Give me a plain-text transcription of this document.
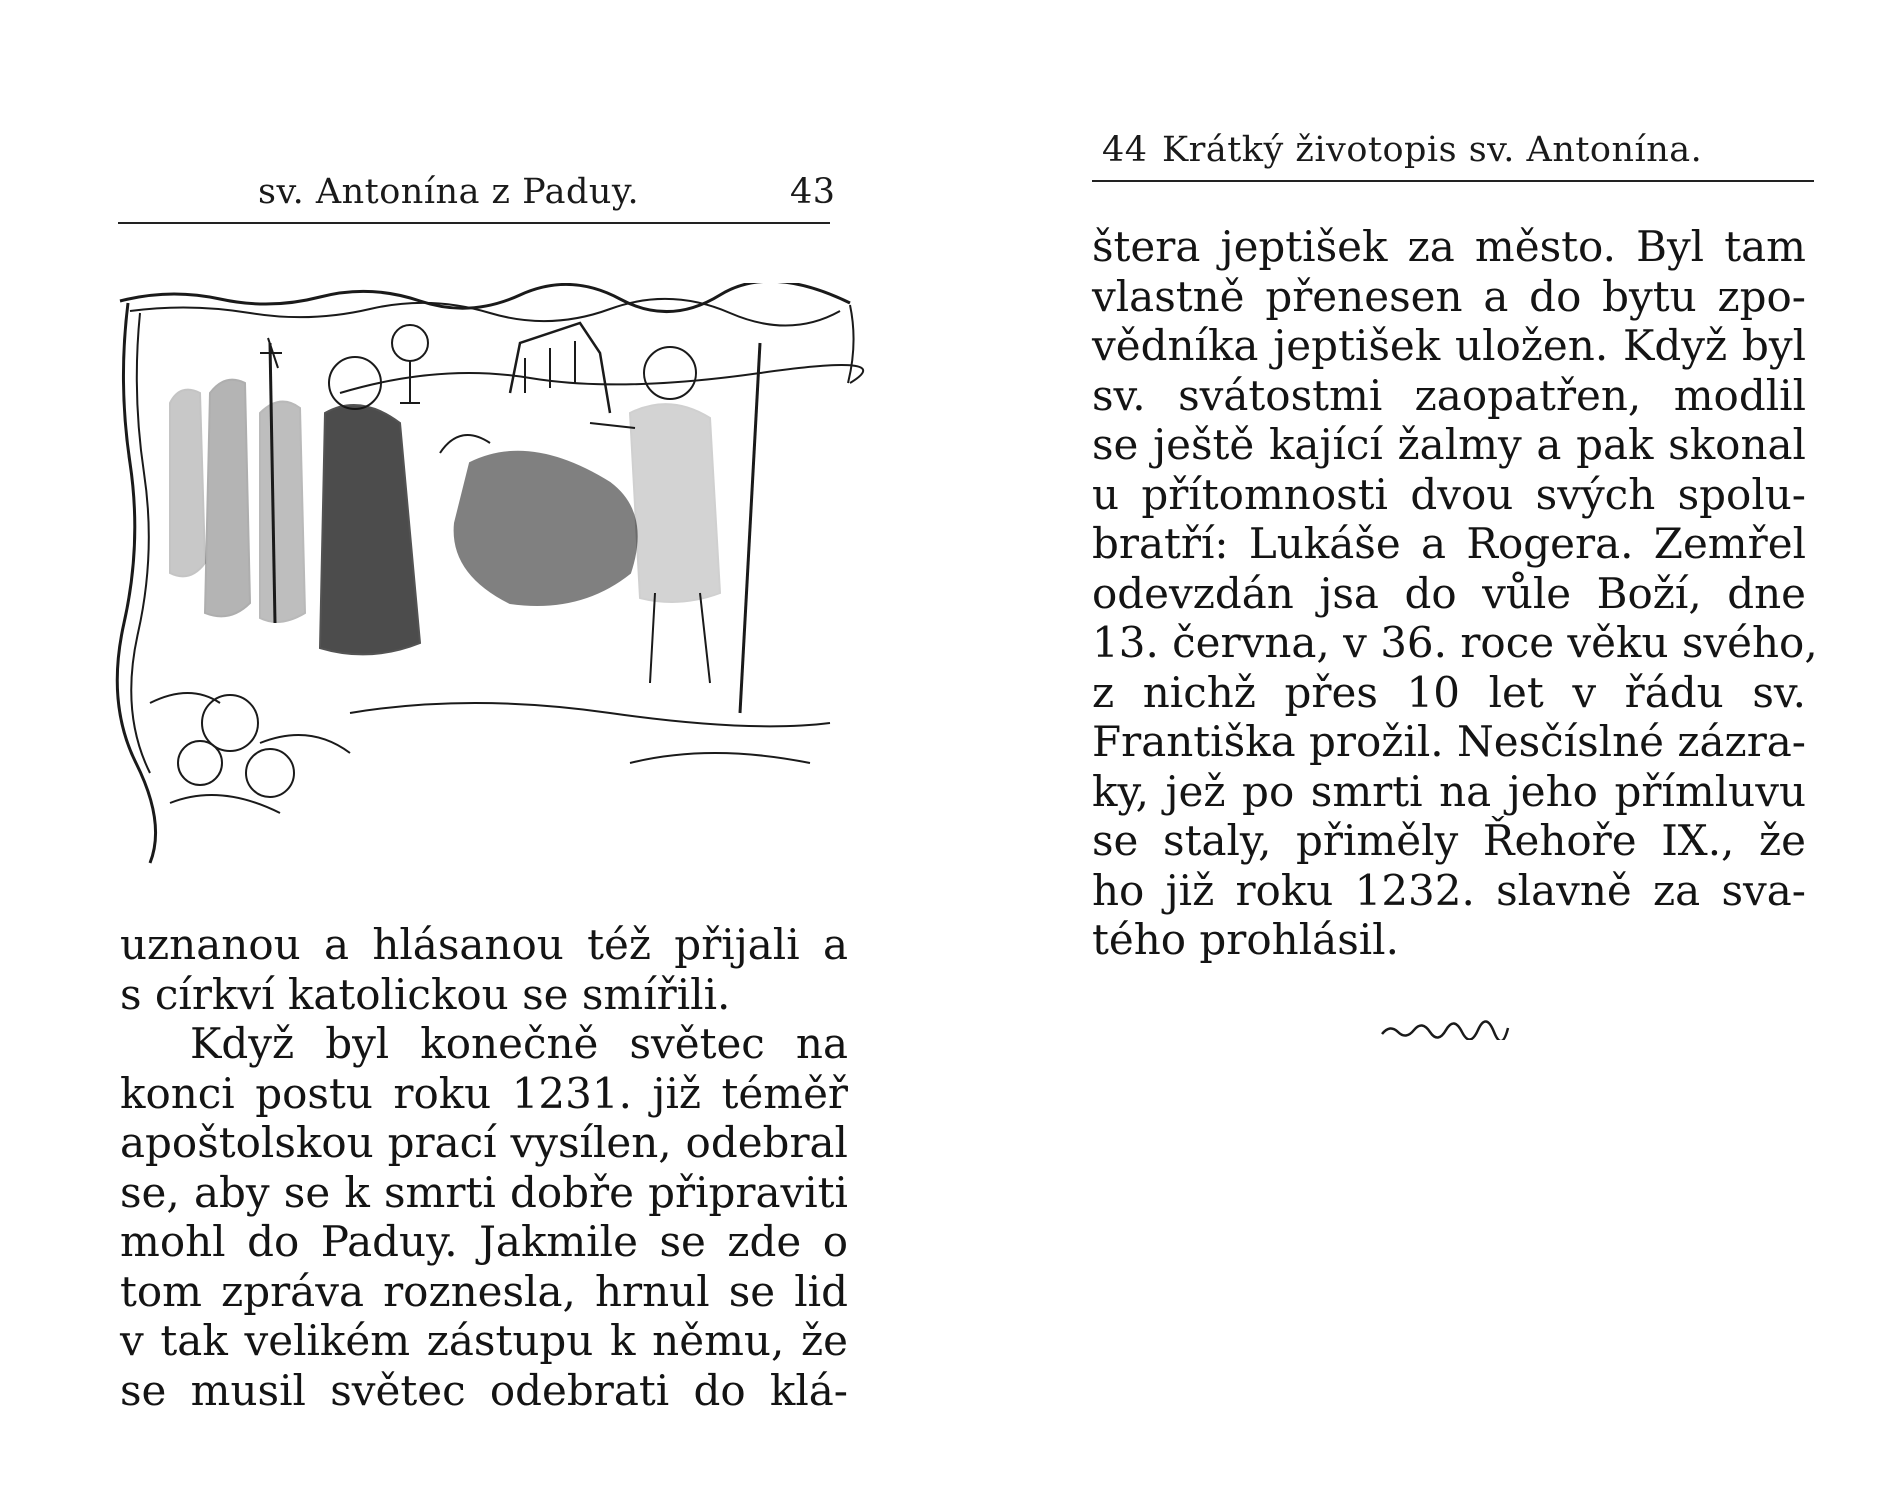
sv. Antonína z Paduy.	43
uznanou a hlásanou též přijali a
s církví katolickou se smířili.
Když byl konečně světec na
konci postu roku 1231. již téměř
apoštolskou prací vysílen, odebral
se, aby se k smrti dobře připraviti
mohl do Paduy. Jakmile se zde o
tom zpráva roznesla, hrnul se lid
v tak velikém zástupu k němu, že
se musil světec odebrati do klá-
44 Krátký životopis sv. Antonína.
štera jeptišek za město. Byl tam
vlastně přenesen a do bytu zpo-
vědníka jeptišek uložen. Když byl
sv. svátostmi zaopatřen, modlil
se ještě kající žalmy a pak skonal
u přítomnosti dvou svých spolu-
bratří: Lukáše a Rogera. Zemřel
odevzdán jsa do vůle Boží, dne
13. června, v 36. roce věku svého,
z nichž přes 10 let v řádu sv.
Františka prožil. Nesčíslné zázra-
ky, jež po smrti na jeho přímluvu
se staly, přiměly Řehoře IX., že
ho již roku 1232. slavně za sva-
tého prohlásil.
